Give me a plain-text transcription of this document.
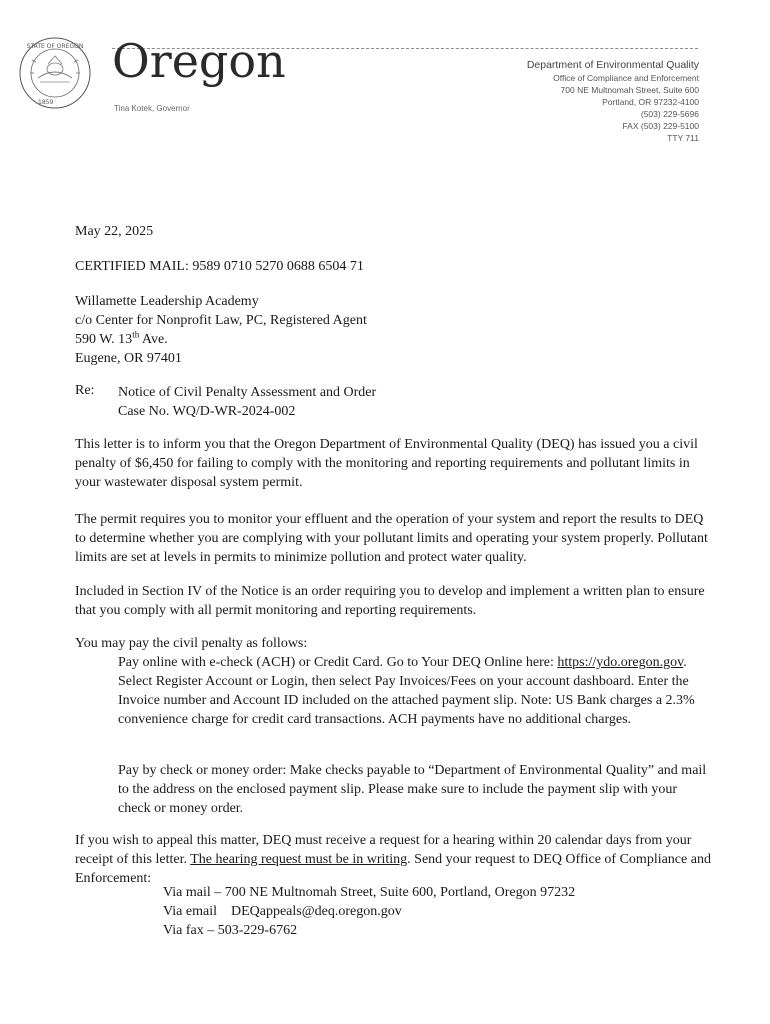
STATE OF OREGON
1859
Oregon
Tina Kotek, Governor
Department of Environmental Quality
Office of Compliance and Enforcement
700 NE Multnomah Street, Suite 600
Portland, OR 97232-4100
(503) 229-5696
FAX (503) 229-5100
TTY 711
May 22, 2025
CERTIFIED MAIL: 9589 0710 5270 0688 6504 71
Willamette Leadership Academy
c/o Center for Nonprofit Law, PC, Registered Agent
590 W. 13th Ave.
Eugene, OR 97401
Re: Notice of Civil Penalty Assessment and Order
Case No. WQ/D-WR-2024-002

This letter is to inform you that the Oregon Department of Environmental Quality (DEQ) has issued you a civil penalty of $6,450 for failing to comply with the monitoring and reporting requirements and pollutant limits in your wastewater disposal system permit.

The permit requires you to monitor your effluent and the operation of your system and report the results to DEQ to determine whether you are complying with your pollutant limits and operating your system properly. Pollutant limits are set at levels in permits to minimize pollution and protect water quality.

Included in Section IV of the Notice is an order requiring you to develop and implement a written plan to ensure that you comply with all permit monitoring and reporting requirements.

You may pay the civil penalty as follows:

Pay online with e-check (ACH) or Credit Card. Go to Your DEQ Online here: https://ydo.oregon.gov. Select Register Account or Login, then select Pay Invoices/Fees on your account dashboard. Enter the Invoice number and Account ID included on the attached payment slip. Note: US Bank charges a 2.3% convenience charge for credit card transactions. ACH payments have no additional charges.

Pay by check or money order: Make checks payable to “Department of Environmental Quality” and mail to the address on the enclosed payment slip. Please make sure to include the payment slip with your check or money order.

If you wish to appeal this matter, DEQ must receive a request for a hearing within 20 calendar days from your receipt of this letter. The hearing request must be in writing. Send your request to DEQ Office of Compliance and Enforcement:

Via mail – 700 NE Multnomah Street, Suite 600, Portland, Oregon 97232
Via email    DEQappeals@deq.oregon.gov
Via fax – 503-229-6762
